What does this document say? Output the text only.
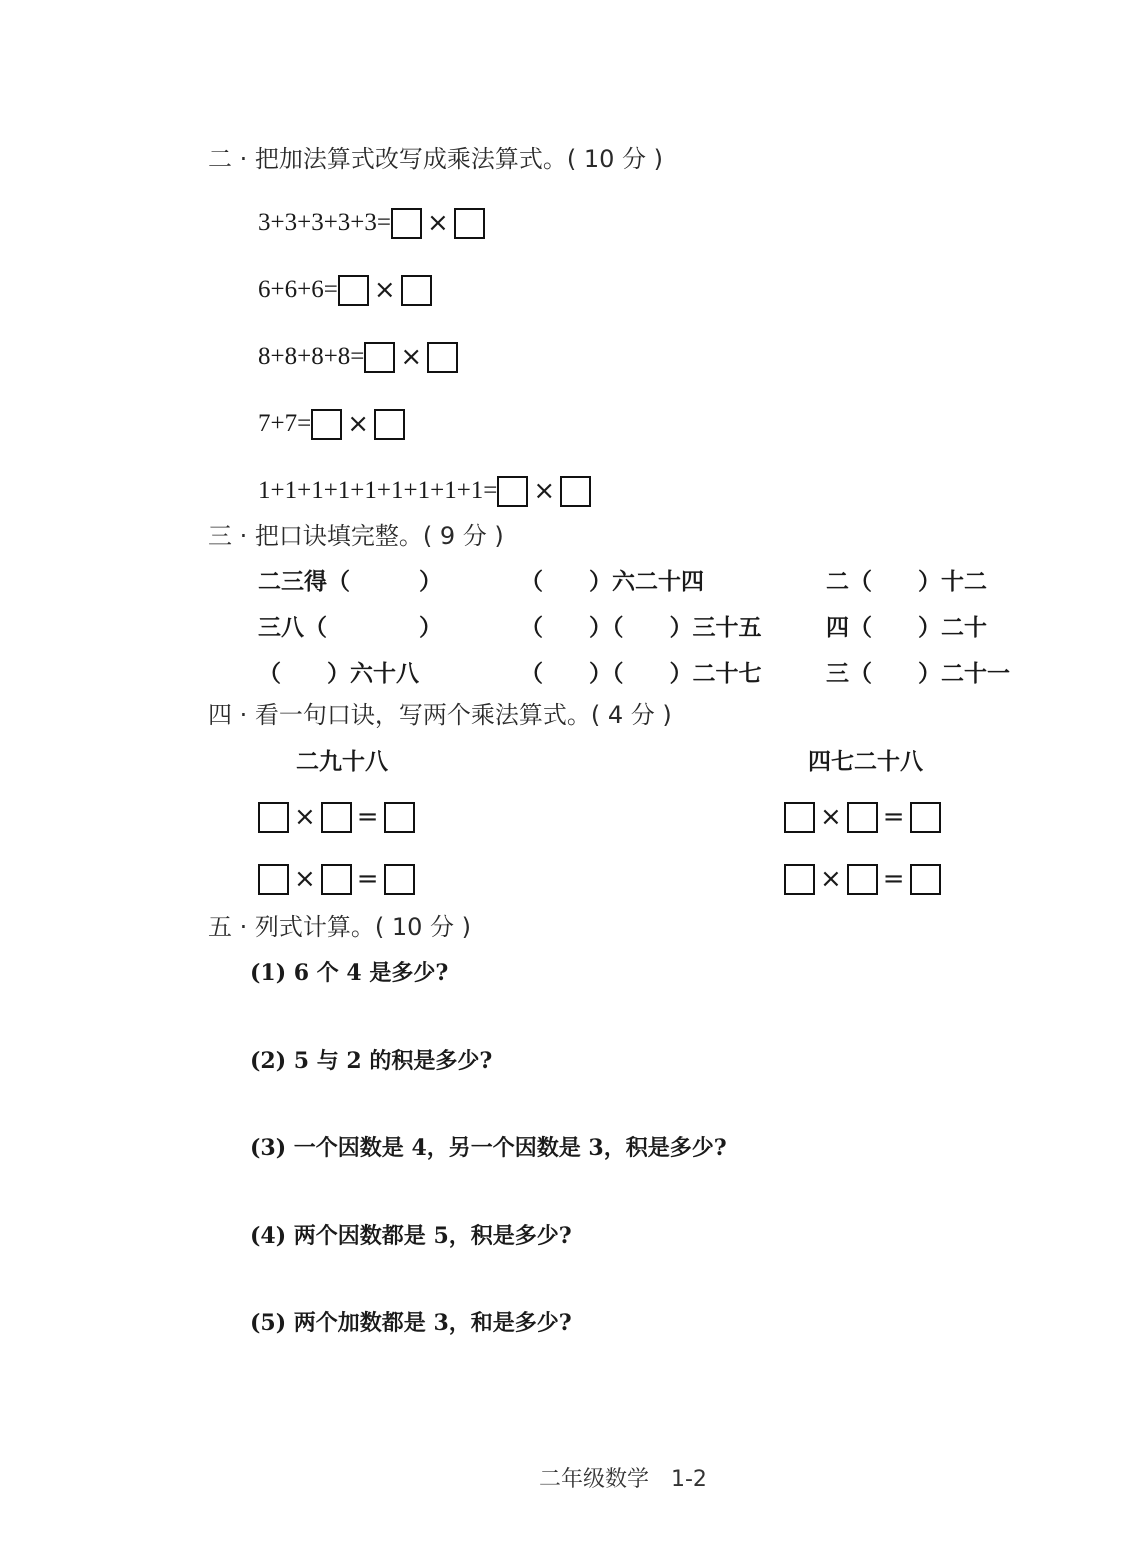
二 · 把加法算式改写成乘法算式。( 10 分 )
3+3+3+3+3= ×
6+6+6= ×
8+8+8+8= ×
7+7= ×
1+1+1+1+1+1+1+1+1= ×
三 · 把口诀填完整。( 9 分 )
二三得（　　　）	（　　）六二十四	二（　　）十二
三八（　　　　）	（　　）（　　）三十五	四（　　）二十
（　　）六十八	（　　）（　　）二十七	三（　　）二十一
四 · 看一句口诀，写两个乘法算式。( 4 分 )
二九十八	四七二十八
× =
× =
× =
× =
五 · 列式计算。( 10 分 )
(1) 6 个 4 是多少?
(2) 5 与 2 的积是多少?
(3) 一个因数是 4，另一个因数是 3，积是多少?
(4) 两个因数都是 5，积是多少?
(5) 两个加数都是 3，和是多少?
二年级数学　1-2
